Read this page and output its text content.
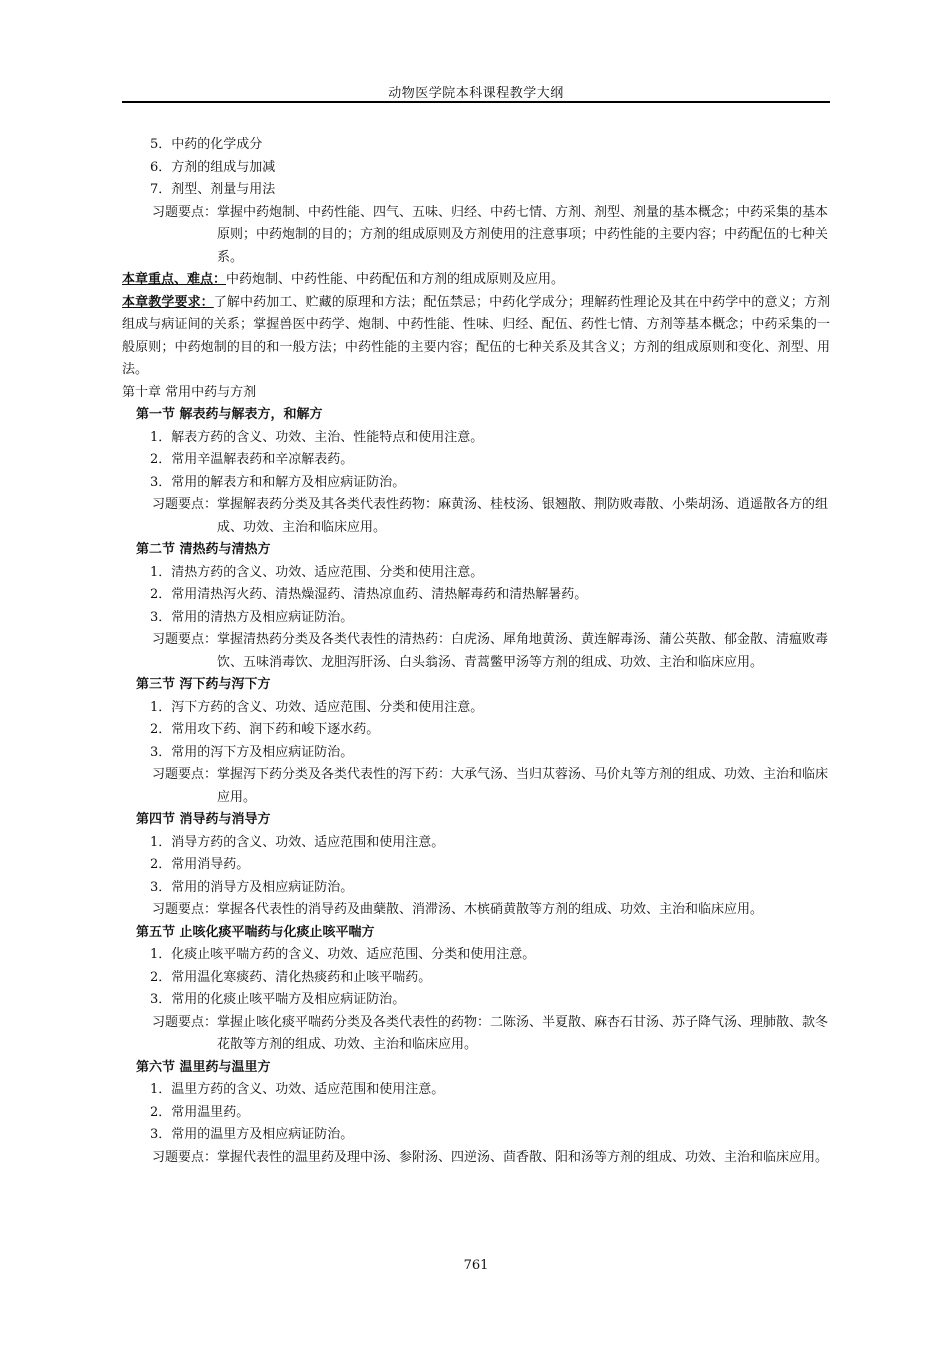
动物医学院本科课程教学大纲
5．中药的化学成分
6．方剂的组成与加减
7．剂型、剂量与用法
习题要点： 掌握中药炮制、中药性能、四气、五味、归经、中药七情、方剂、剂型、剂量的基本概念；中药采集的基本原则；中药炮制的目的；方剂的组成原则及方剂使用的注意事项；中药性能的主要内容；中药配伍的七种关系。
本章重点、难点：中药炮制、中药性能、中药配伍和方剂的组成原则及应用。
本章教学要求：了解中药加工、贮藏的原理和方法；配伍禁忌；中药化学成分；理解药性理论及其在中药学中的意义；方剂组成与病证间的关系；掌握兽医中药学、炮制、中药性能、性味、归经、配伍、药性七情、方剂等基本概念；中药采集的一般原则；中药炮制的目的和一般方法；中药性能的主要内容；配伍的七种关系及其含义；方剂的组成原则和变化、剂型、用法。
第十章 常用中药与方剂
第一节 解表药与解表方，和解方
1．解表方药的含义、功效、主治、性能特点和使用注意。
2．常用辛温解表药和辛凉解表药。
3．常用的解表方和和解方及相应病证防治。
习题要点： 掌握解表药分类及其各类代表性药物：麻黄汤、桂枝汤、银翘散、荆防败毒散、小柴胡汤、逍遥散各方的组成、功效、主治和临床应用。
第二节 清热药与清热方
1．清热方药的含义、功效、适应范围、分类和使用注意。
2．常用清热泻火药、清热燥湿药、清热凉血药、清热解毒药和清热解暑药。
3．常用的清热方及相应病证防治。
习题要点： 掌握清热药分类及各类代表性的清热药：白虎汤、犀角地黄汤、黄连解毒汤、蒲公英散、郁金散、清瘟败毒饮、五味消毒饮、龙胆泻肝汤、白头翁汤、青蒿鳖甲汤等方剂的组成、功效、主治和临床应用。
第三节 泻下药与泻下方
1．泻下方药的含义、功效、适应范围、分类和使用注意。
2．常用攻下药、润下药和峻下逐水药。
3．常用的泻下方及相应病证防治。
习题要点： 掌握泻下药分类及各类代表性的泻下药：大承气汤、当归苁蓉汤、马价丸等方剂的组成、功效、主治和临床应用。
第四节 消导药与消导方
1．消导方药的含义、功效、适应范围和使用注意。
2．常用消导药。
3．常用的消导方及相应病证防治。
习题要点： 掌握各代表性的消导药及曲蘖散、消滞汤、木槟硝黄散等方剂的组成、功效、主治和临床应用。
第五节 止咳化痰平喘药与化痰止咳平喘方
1．化痰止咳平喘方药的含义、功效、适应范围、分类和使用注意。
2．常用温化寒痰药、清化热痰药和止咳平喘药。
3．常用的化痰止咳平喘方及相应病证防治。
习题要点： 掌握止咳化痰平喘药分类及各类代表性的药物：二陈汤、半夏散、麻杏石甘汤、苏子降气汤、理肺散、款冬花散等方剂的组成、功效、主治和临床应用。
第六节 温里药与温里方
1．温里方药的含义、功效、适应范围和使用注意。
2．常用温里药。
3．常用的温里方及相应病证防治。
习题要点： 掌握代表性的温里药及理中汤、参附汤、四逆汤、茴香散、阳和汤等方剂的组成、功效、主治和临床应用。
761
